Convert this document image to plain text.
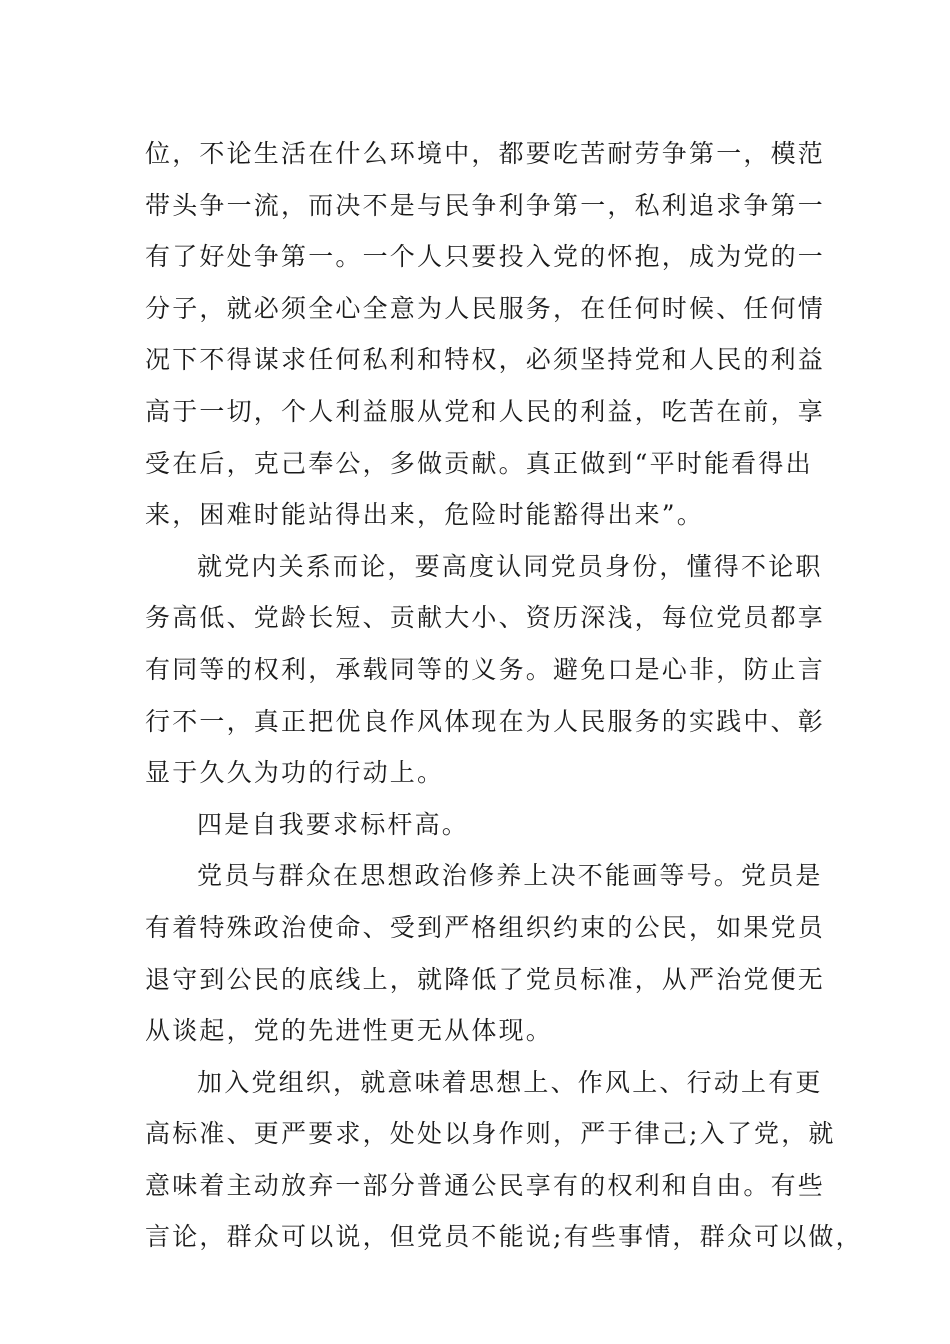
位，不论生活在什么环境中，都要吃苦耐劳争第一，模范
带头争一流，而决不是与民争利争第一，私利追求争第一
有了好处争第一。一个人只要投入党的怀抱，成为党的一
分子，就必须全心全意为人民服务，在任何时候、任何情
况下不得谋求任何私利和特权，必须坚持党和人民的利益
高于一切，个人利益服从党和人民的利益，吃苦在前，享
受在后，克己奉公，多做贡献。真正做到“平时能看得出
来，困难时能站得出来，危险时能豁得出来”。
就党内关系而论，要高度认同党员身份，懂得不论职
务高低、党龄长短、贡献大小、资历深浅，每位党员都享
有同等的权利，承载同等的义务。避免口是心非，防止言
行不一，真正把优良作风体现在为人民服务的实践中、彰
显于久久为功的行动上。
四是自我要求标杆高。
党员与群众在思想政治修养上决不能画等号。党员是
有着特殊政治使命、受到严格组织约束的公民，如果党员
退守到公民的底线上，就降低了党员标准，从严治党便无
从谈起，党的先进性更无从体现。
加入党组织，就意味着思想上、作风上、行动上有更
高标准、更严要求，处处以身作则，严于律己;入了党，就
意味着主动放弃一部分普通公民享有的权利和自由。有些
言论，群众可以说，但党员不能说;有些事情，群众可以做，
